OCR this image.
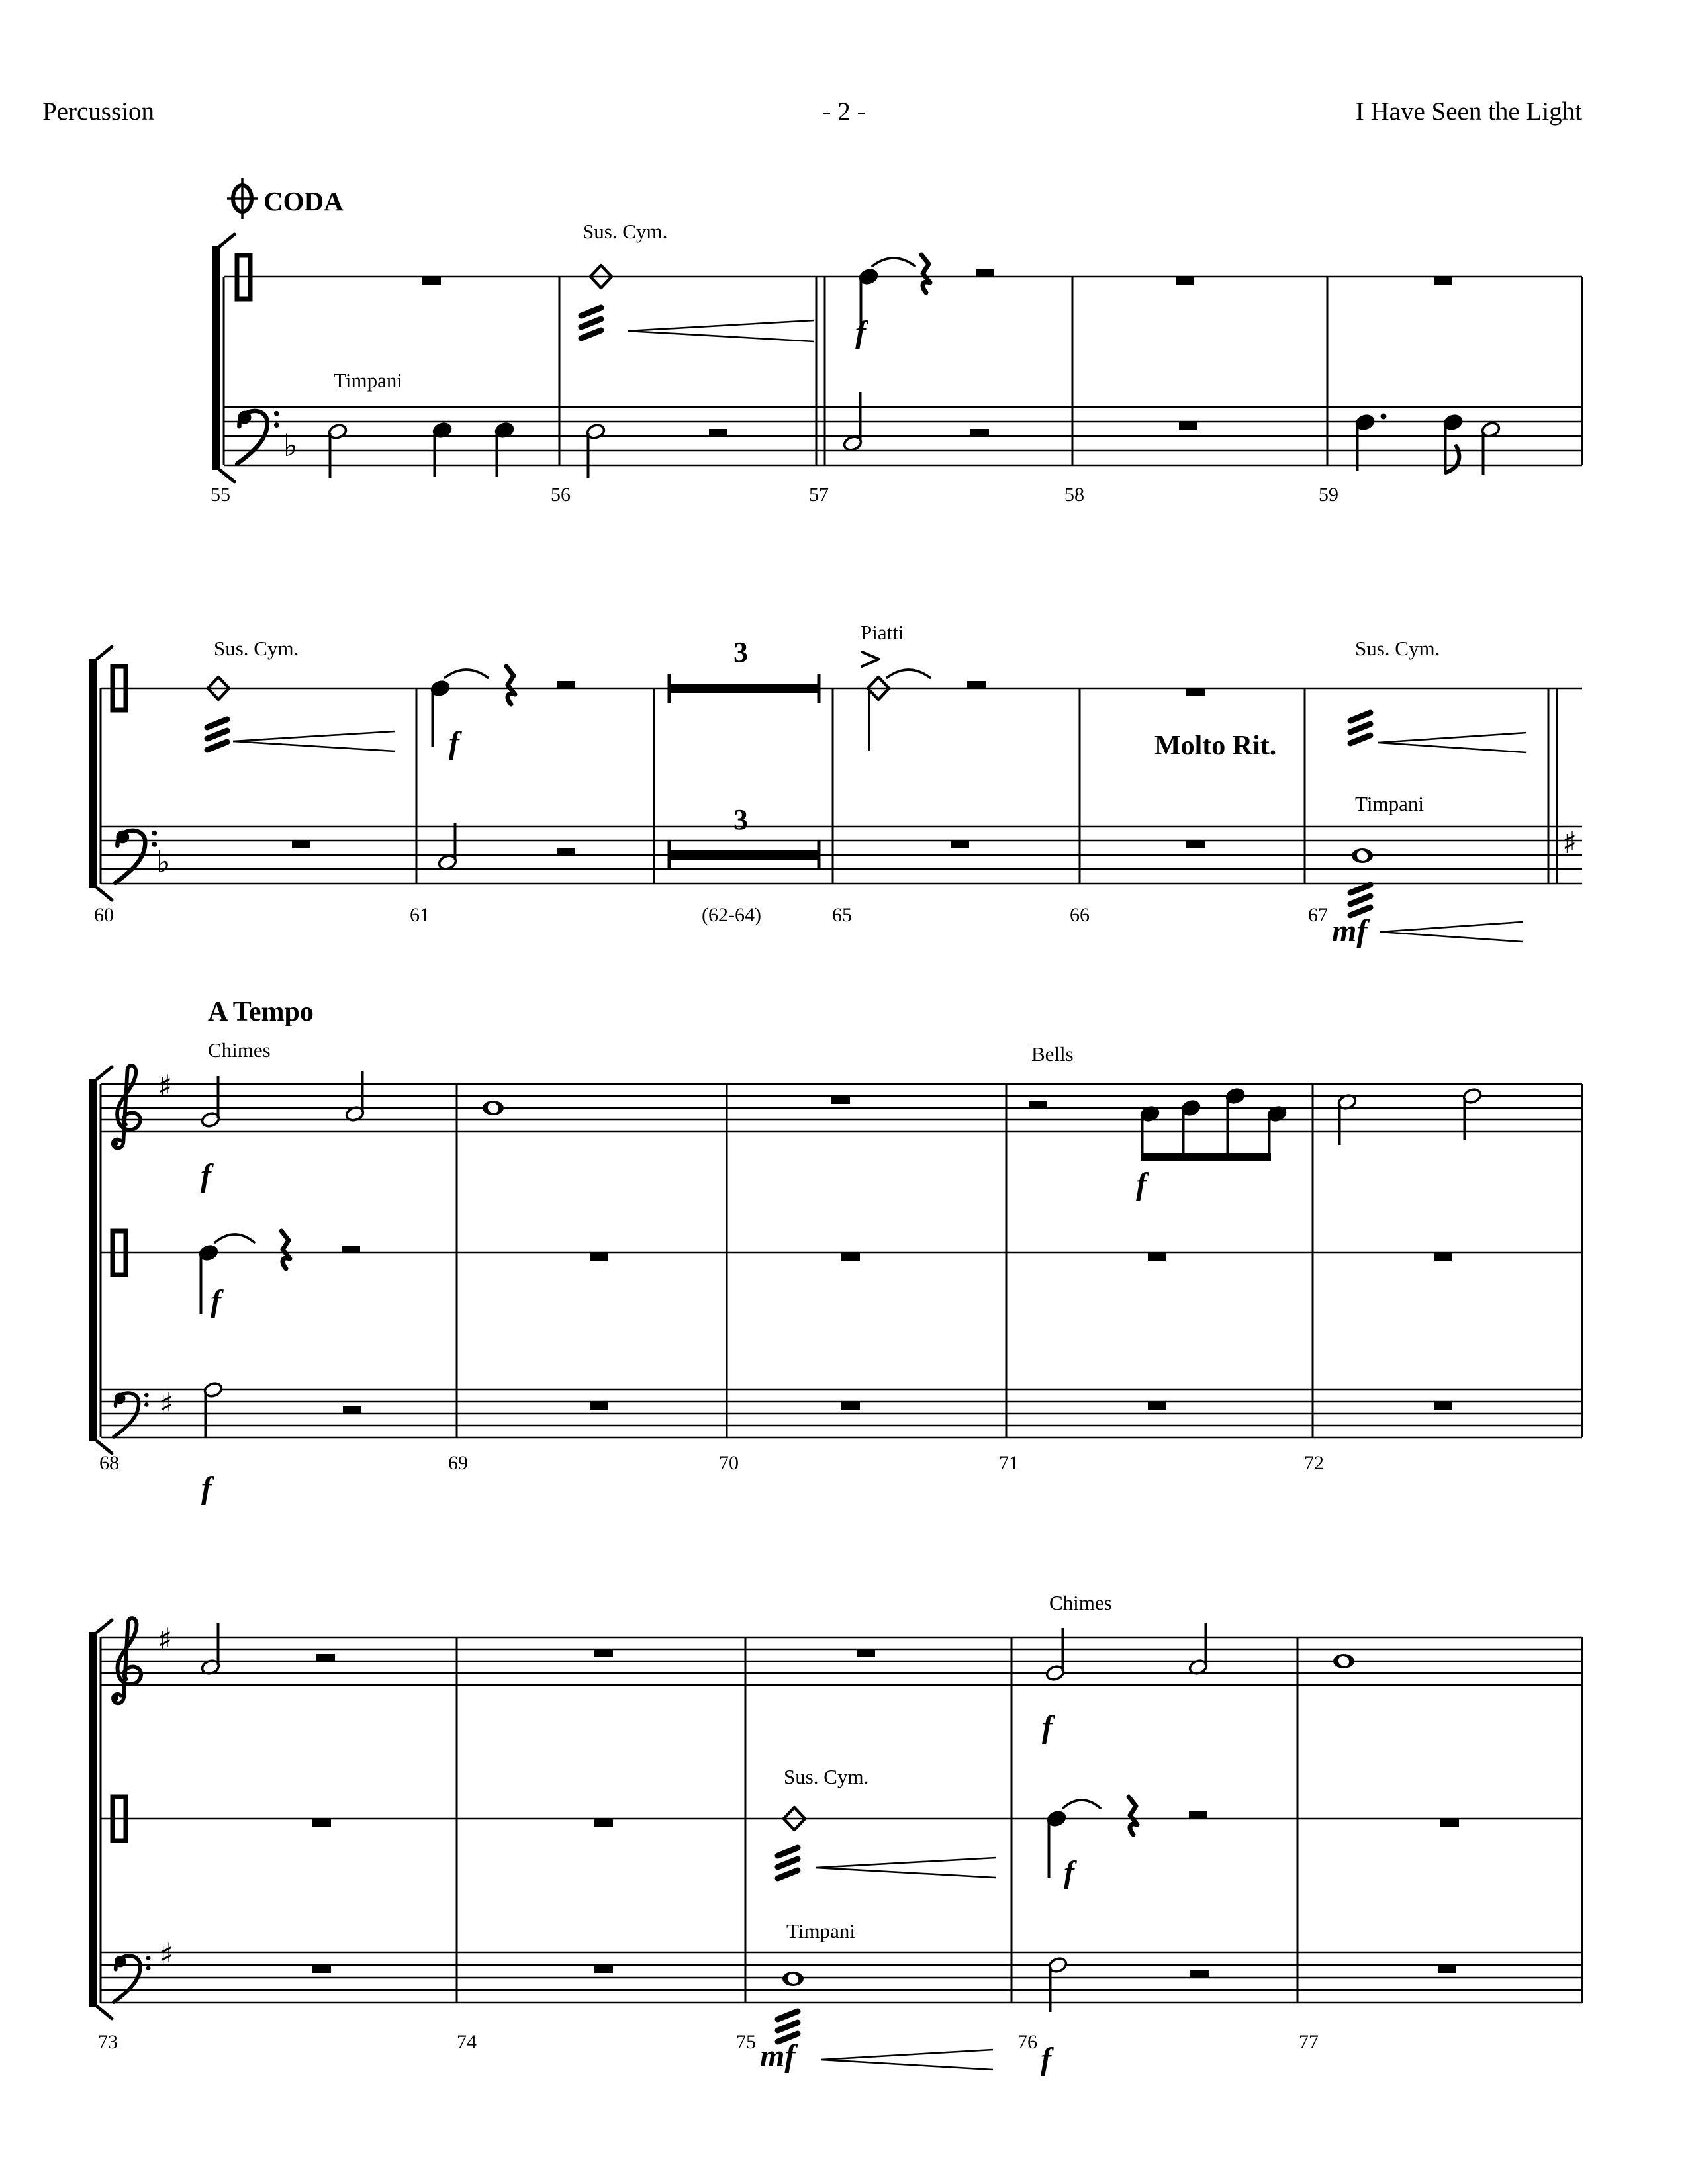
Percussion	- 2 -	I Have Seen the Light
♭
♭
♯
♯
♯
♯
♯
CODA
Sus. Cym.
Timpani
f
55	56	57	58	59
Sus. Cym.
f
3
3
Piatti
Molto Rit.
Sus. Cym.
Timpani
mf
60	61	(62-64)	65	66	67
A Tempo
Chimes
f
f
Bells
f
f
68	69	70	71	72
Chimes
f
Sus. Cym.
f
Timpani
mf	f
73	74	75	76	77
